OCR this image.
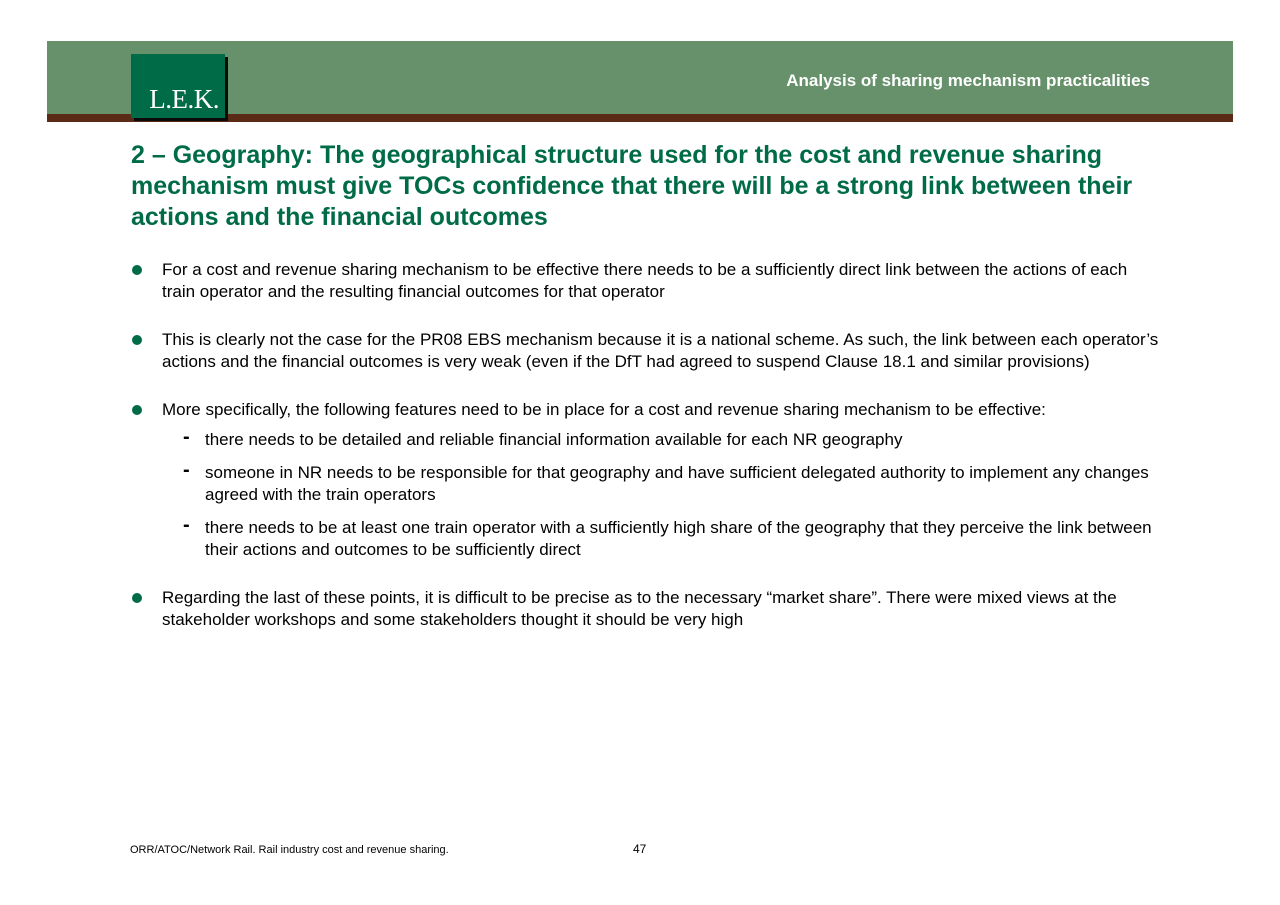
L.E.K.
Analysis of sharing mechanism practicalities
2 – Geography: The geographical structure used for the cost and revenue sharing mechanism must give TOCs confidence that there will be a strong link between their actions and the financial outcomes
For a cost and revenue sharing mechanism to be effective there needs to be a sufficiently direct link between the actions of each train operator and the resulting financial outcomes for that operator
This is clearly not the case for the PR08 EBS mechanism because it is a national scheme. As such, the link between each operator’s actions and the financial outcomes is very weak (even if the DfT had agreed to suspend Clause 18.1 and similar provisions)
More specifically, the following features need to be in place for a cost and revenue sharing mechanism to be effective:
- there needs to be detailed and reliable financial information available for each NR geography
- someone in NR needs to be responsible for that geography and have sufficient delegated authority to implement any changes agreed with the train operators
- there needs to be at least one train operator with a sufficiently high share of the geography that they perceive the link between their actions and outcomes to be sufficiently direct
Regarding the last of these points, it is difficult to be precise as to the necessary “market share”. There were mixed views at the stakeholder workshops and some stakeholders thought it should be very high
ORR/ATOC/Network Rail. Rail industry cost and revenue sharing.	47
